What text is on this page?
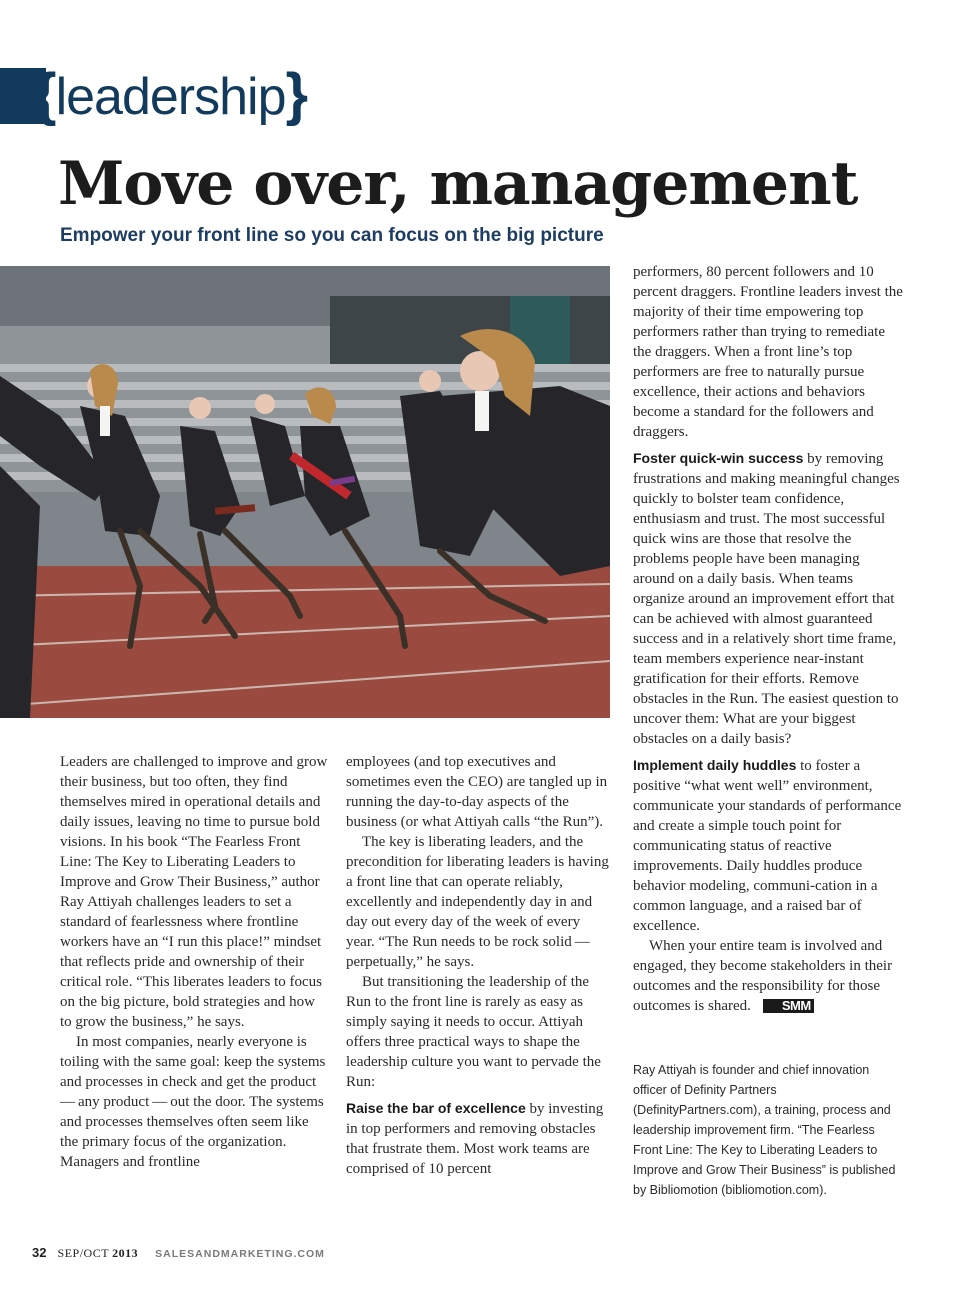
{leadership}
Move over, management
Empower your front line so you can focus on the big picture

Leaders are challenged to improve and grow their business, but too often, they find themselves mired in operational details and daily issues, leaving no time to pursue bold visions. In his book “The Fearless Front Line: The Key to Liberating Leaders to Improve and Grow Their Business,” author Ray Attiyah challenges leaders to set a standard of fearlessness where frontline workers have an “I run this place!” mindset that reflects pride and ownership of their critical role. “This liberates leaders to focus on the big picture, bold strategies and how to grow the business,” he says.

In most companies, nearly everyone is toiling with the same goal: keep the systems and processes in check and get the product — any product — out the door. The systems and processes themselves often seem like the primary focus of the organization. Managers and frontline

employees (and top executives and sometimes even the CEO) are tangled up in running the day-to-day aspects of the business (or what Attiyah calls “the Run”).

The key is liberating leaders, and the precondition for liberating leaders is having a front line that can operate reliably, excellently and independently day in and day out every day of the week of every year. “The Run needs to be rock solid — perpetually,” he says.

But transitioning the leadership of the Run to the front line is rarely as easy as simply saying it needs to occur. Attiyah offers three practical ways to shape the leadership culture you want to pervade the Run:

Raise the bar of excellence by investing in top performers and removing obstacles that frustrate them. Most work teams are comprised of 10 percent

performers, 80 percent followers and 10 percent draggers. Frontline leaders invest the majority of their time empowering top performers rather than trying to remediate the draggers. When a front line’s top performers are free to naturally pursue excellence, their actions and behaviors become a standard for the followers and draggers.

Foster quick-win success by removing frustrations and making meaningful changes quickly to bolster team confidence, enthusiasm and trust. The most successful quick wins are those that resolve the problems people have been managing around on a daily basis. When teams organize around an improvement effort that can be achieved with almost guaranteed success and in a relatively short time frame, team members experience near-instant gratification for their efforts. Remove obstacles in the Run. The easiest question to uncover them: What are your biggest obstacles on a daily basis?

Implement daily huddles to foster a positive “what went well” environment, communicate your standards of performance and create a simple touch point for communicating status of reactive improvements. Daily huddles produce behavior modeling, communi-cation in a common language, and a raised bar of excellence.

When your entire team is involved and engaged, they become stakeholders in their outcomes and the responsibility for those outcomes is shared. SMM

Ray Attiyah is founder and chief innovation officer of Definity Partners (DefinityPartners.com), a training, process and leadership improvement firm. “The Fearless Front Line: The Key to Liberating Leaders to Improve and Grow Their Business” is published by Bibliomotion (bibliomotion.com).
32 SEP/OCT 2013 SALESANDMARKETING.COM
